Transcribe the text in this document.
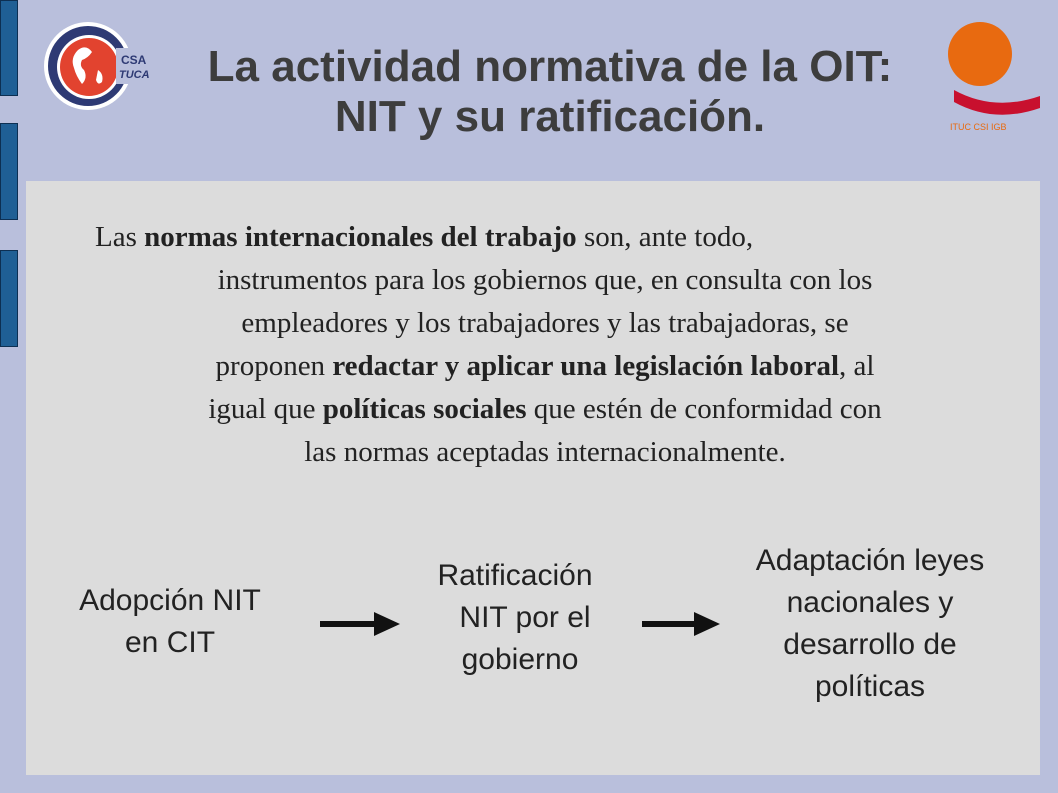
CSA
TUCA	La actividad normativa de la OIT:
NIT y su ratificación.	ITUC CSI IGB
Las normas internacionales del trabajo son, ante todo,
instrumentos para los gobiernos que, en consulta con los
empleadores y los trabajadores y las trabajadoras, se
proponen redactar y aplicar una legislación laboral, al
igual que políticas sociales que estén de conformidad con
las normas aceptadas internacionalmente.
Adopción NIT
en CIT
Ratificación
NIT por el
gobierno
Adaptación leyes
nacionales y
desarrollo de
políticas
